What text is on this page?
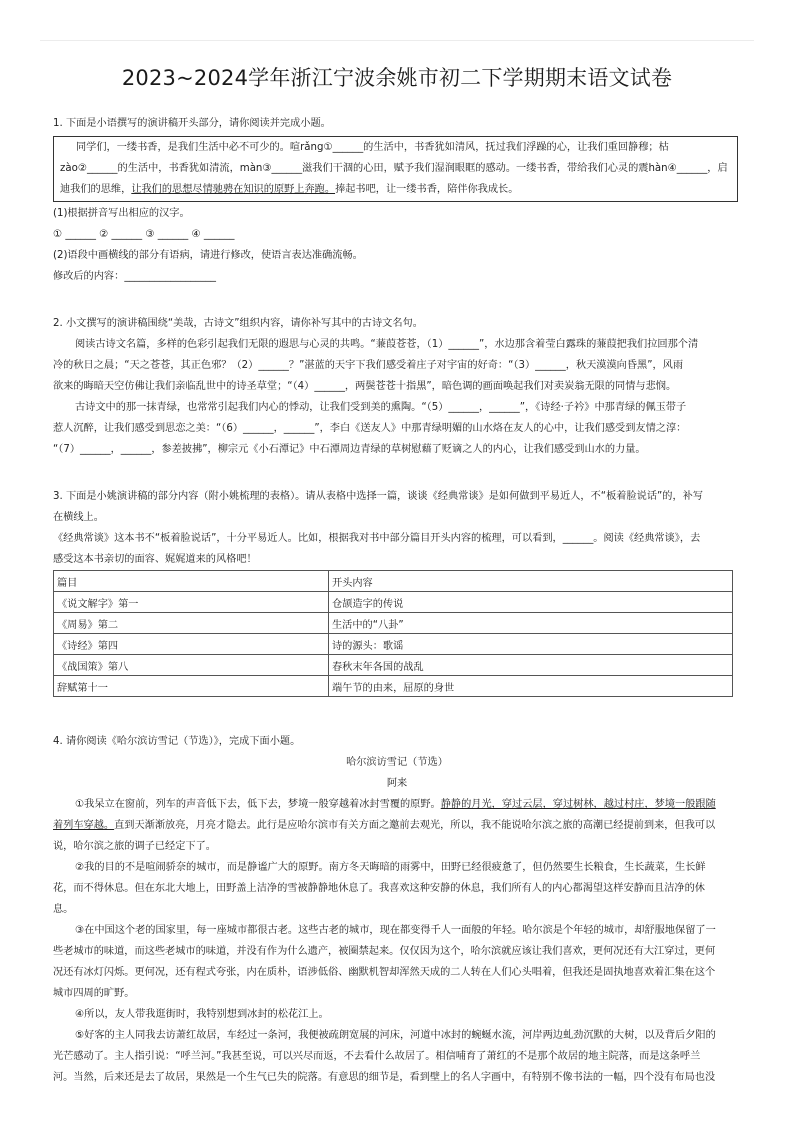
2023~2024学年浙江宁波余姚市初二下学期期末语文试卷

1. 下面是小语撰写的演讲稿开头部分，请你阅读并完成小题。

同学们，一缕书香，是我们生活中必不可少的。喧rǎng①______的生活中，书香犹如清风，抚过我们浮躁的心，让我们重回静穆；枯

zào②______的生活中，书香犹如清流，màn③______滋我们干涸的心田，赋予我们湿润眼眶的感动。一缕书香，带给我们心灵的震hàn④______，启

迪我们的思维，让我们的思想尽情驰骋在知识的原野上奔跑。捧起书吧，让一缕书香，陪伴你我成长。

(1)根据拼音写出相应的汉字。

① ______ ② ______ ③ ______ ④ ______

(2)语段中画横线的部分有语病，请进行修改，使语言表达准确流畅。

修改后的内容：__________________

2. 小文撰写的演讲稿围绕“美哉，古诗文”组织内容，请你补写其中的古诗文名句。

阅读古诗文名篇，多样的色彩引起我们无限的遐思与心灵的共鸣。“蒹葭苍苍，（1）______”，水边那含着莹白露珠的蒹葭把我们拉回那个清

冷的秋日之晨；“天之苍苍，其正色邪？（2）______？”湛蓝的天宇下我们感受着庄子对宇宙的好奇：“（3）______，秋天漠漠向昏黑”，风雨

欲来的晦暗天空仿佛让我们亲临乱世中的诗圣草堂；“（4）______，两鬓苍苍十指黑”，暗色调的画面唤起我们对卖炭翁无限的同情与悲悯。

古诗文中的那一抹青绿，也常常引起我们内心的悸动，让我们受到美的熏陶。“（5）______，______”，《诗经·子衿》中那青绿的佩玉带子

惹人沉醉，让我们感受到思恋之美：“（6）______，______”，李白《送友人》中那青绿明媚的山水烙在友人的心中，让我们感受到友情之淳：

“（7）______，______，参差披拂”，柳宗元《小石潭记》中石潭周边青绿的草树慰藉了贬谪之人的内心，让我们感受到山水的力量。

3. 下面是小姚演讲稿的部分内容（附小姚梳理的表格）。请从表格中选择一篇，谈谈《经典常谈》是如何做到平易近人，不“板着脸说话”的，补写

在横线上。

《经典常谈》这本书不“板着脸说话”，十分平易近人。比如，根据我对书中部分篇目开头内容的梳理，可以看到，______。阅读《经典常谈》，去

感受这本书亲切的面容、娓娓道来的风格吧！

篇目	开头内容
《说文解字》第一	仓颉造字的传说
《周易》第二	生活中的“八卦”
《诗经》第四	诗的源头：歌谣
《战国策》第八	春秋末年各国的战乱
辞赋第十一	端午节的由来，屈原的身世

4. 请你阅读《哈尔滨访雪记（节选）》，完成下面小题。

哈尔滨访雪记（节选）

阿来

①我呆立在窗前，列车的声音低下去，低下去，梦境一般穿越着冰封雪覆的原野。静静的月光，穿过云层，穿过树林，越过村庄，梦境一般跟随

着列车穿越。直到天渐渐放亮，月亮才隐去。此行是应哈尔滨市有关方面之邀前去观光，所以，我不能说哈尔滨之旅的高潮已经提前到来，但我可以

说，哈尔滨之旅的调子已经定下了。

②我的目的不是喧闹骄奈的城市，而是静谧广大的原野。南方冬天晦暗的雨雾中，田野已经很疲惫了，但仍然要生长粮食，生长蔬菜，生长鲜

花，而不得休息。但在东北大地上，田野盖上洁净的雪被静静地休息了。我喜欢这种安静的休息，我们所有人的内心都渴望这样安静而且洁净的休

息。

③在中国这个老的国家里，每一座城市都很古老。这些古老的城市，现在都变得千人一面般的年轻。哈尔滨是个年轻的城市，却舒服地保留了一

些老城市的味道，而这些老城市的味道，并没有作为什么遗产，被圈禁起来。仅仅因为这个，哈尔滨就应该让我们喜欢，更何况还有大江穿过，更何

况还有冰灯闪烁。更何况，还有程式夸张，内在质朴，语涉低俗、幽默机智却浑然天成的二人转在人们心头唱着，但我还是固执地喜欢着汇集在这个

城市四周的旷野。

④所以，友人带我逛街时，我特别想到冰封的松花江上。

⑤好客的主人同我去访萧红故居，车经过一条河，我便被疏朗宽展的河床，河道中冰封的蜿蜒水流，河岸两边虬劲沉默的大树，以及背后夕阳的

光芒感动了。主人指引说：“呼兰河。”我甚至说，可以兴尽而返，不去看什么故居了。相信哺育了萧红的不是那个故居的地主院落，而是这条呼兰

河。当然，后来还是去了故居，果然是一个生气已失的院落。有意思的细节是，看到壁上的名人字画中，有特别不像书法的一幅，四个没有布局也没
